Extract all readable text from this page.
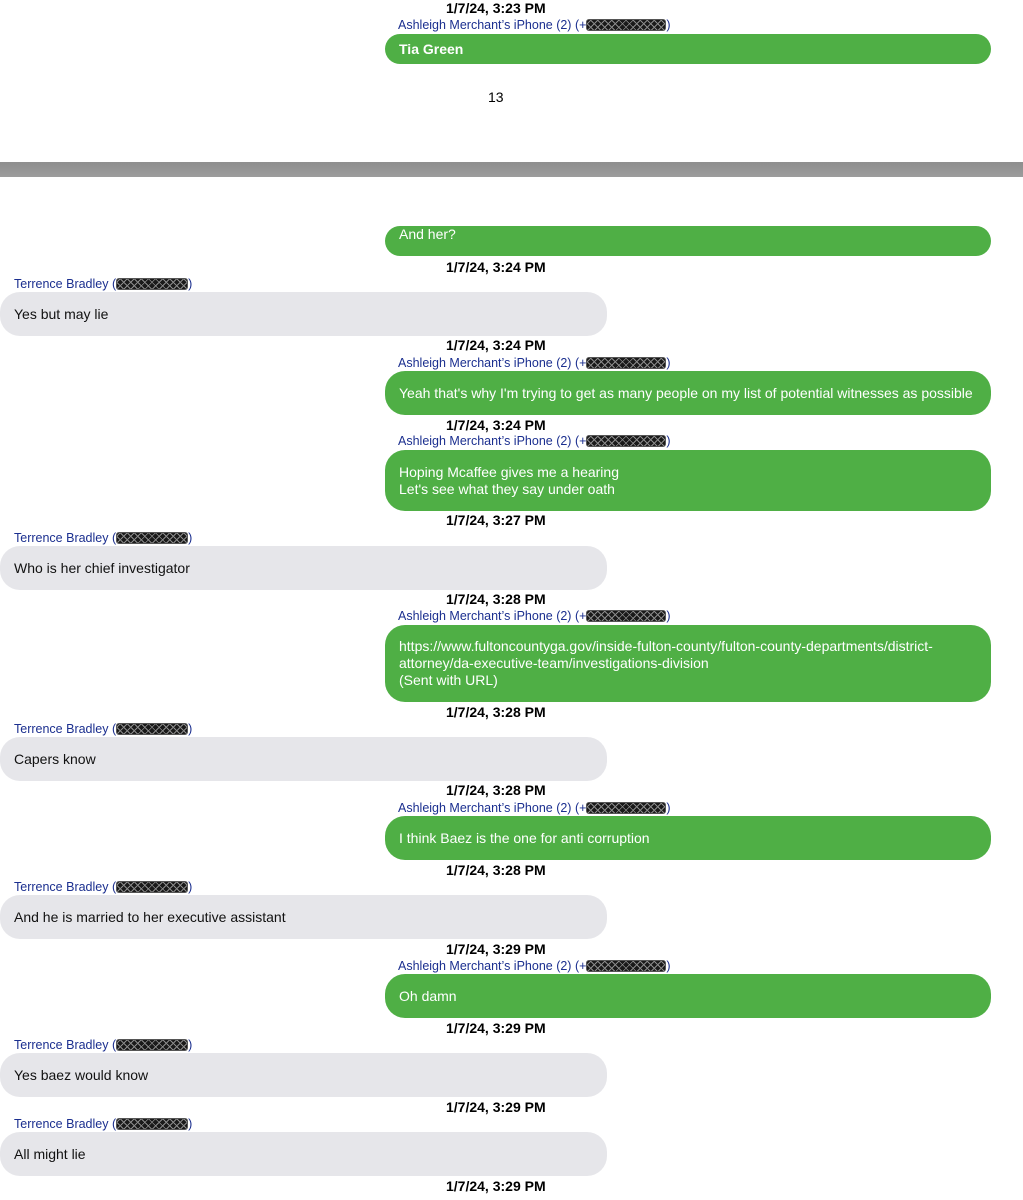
1/7/24, 3:23 PM
Ashleigh Merchant’s iPhone (2) (+	)
Tia Green
13
And her?
1/7/24, 3:24 PM
Terrence Bradley (	)
Yes but may lie
1/7/24, 3:24 PM
Ashleigh Merchant’s iPhone (2) (+	)
Yeah that's why I'm trying to get as many people on my list of potential witnesses as possible
1/7/24, 3:24 PM
Ashleigh Merchant’s iPhone (2) (+	)
Hoping Mcaffee gives me a hearing
Let's see what they say under oath
1/7/24, 3:27 PM
Terrence Bradley (	)
Who is her chief investigator
1/7/24, 3:28 PM
Ashleigh Merchant’s iPhone (2) (+	)
https://www.fultoncountyga.gov/inside-fulton-county/fulton-county-departments/district-
attorney/da-executive-team/investigations-division
(Sent with URL)
1/7/24, 3:28 PM
Terrence Bradley (	)
Capers know
1/7/24, 3:28 PM
Ashleigh Merchant’s iPhone (2) (+	)
I think Baez is the one for anti corruption
1/7/24, 3:28 PM
Terrence Bradley (	)
And he is married to her executive assistant
1/7/24, 3:29 PM
Ashleigh Merchant’s iPhone (2) (+	)
Oh damn
1/7/24, 3:29 PM
Terrence Bradley (	)
Yes baez would know
1/7/24, 3:29 PM
Terrence Bradley (	)
All might lie
1/7/24, 3:29 PM
